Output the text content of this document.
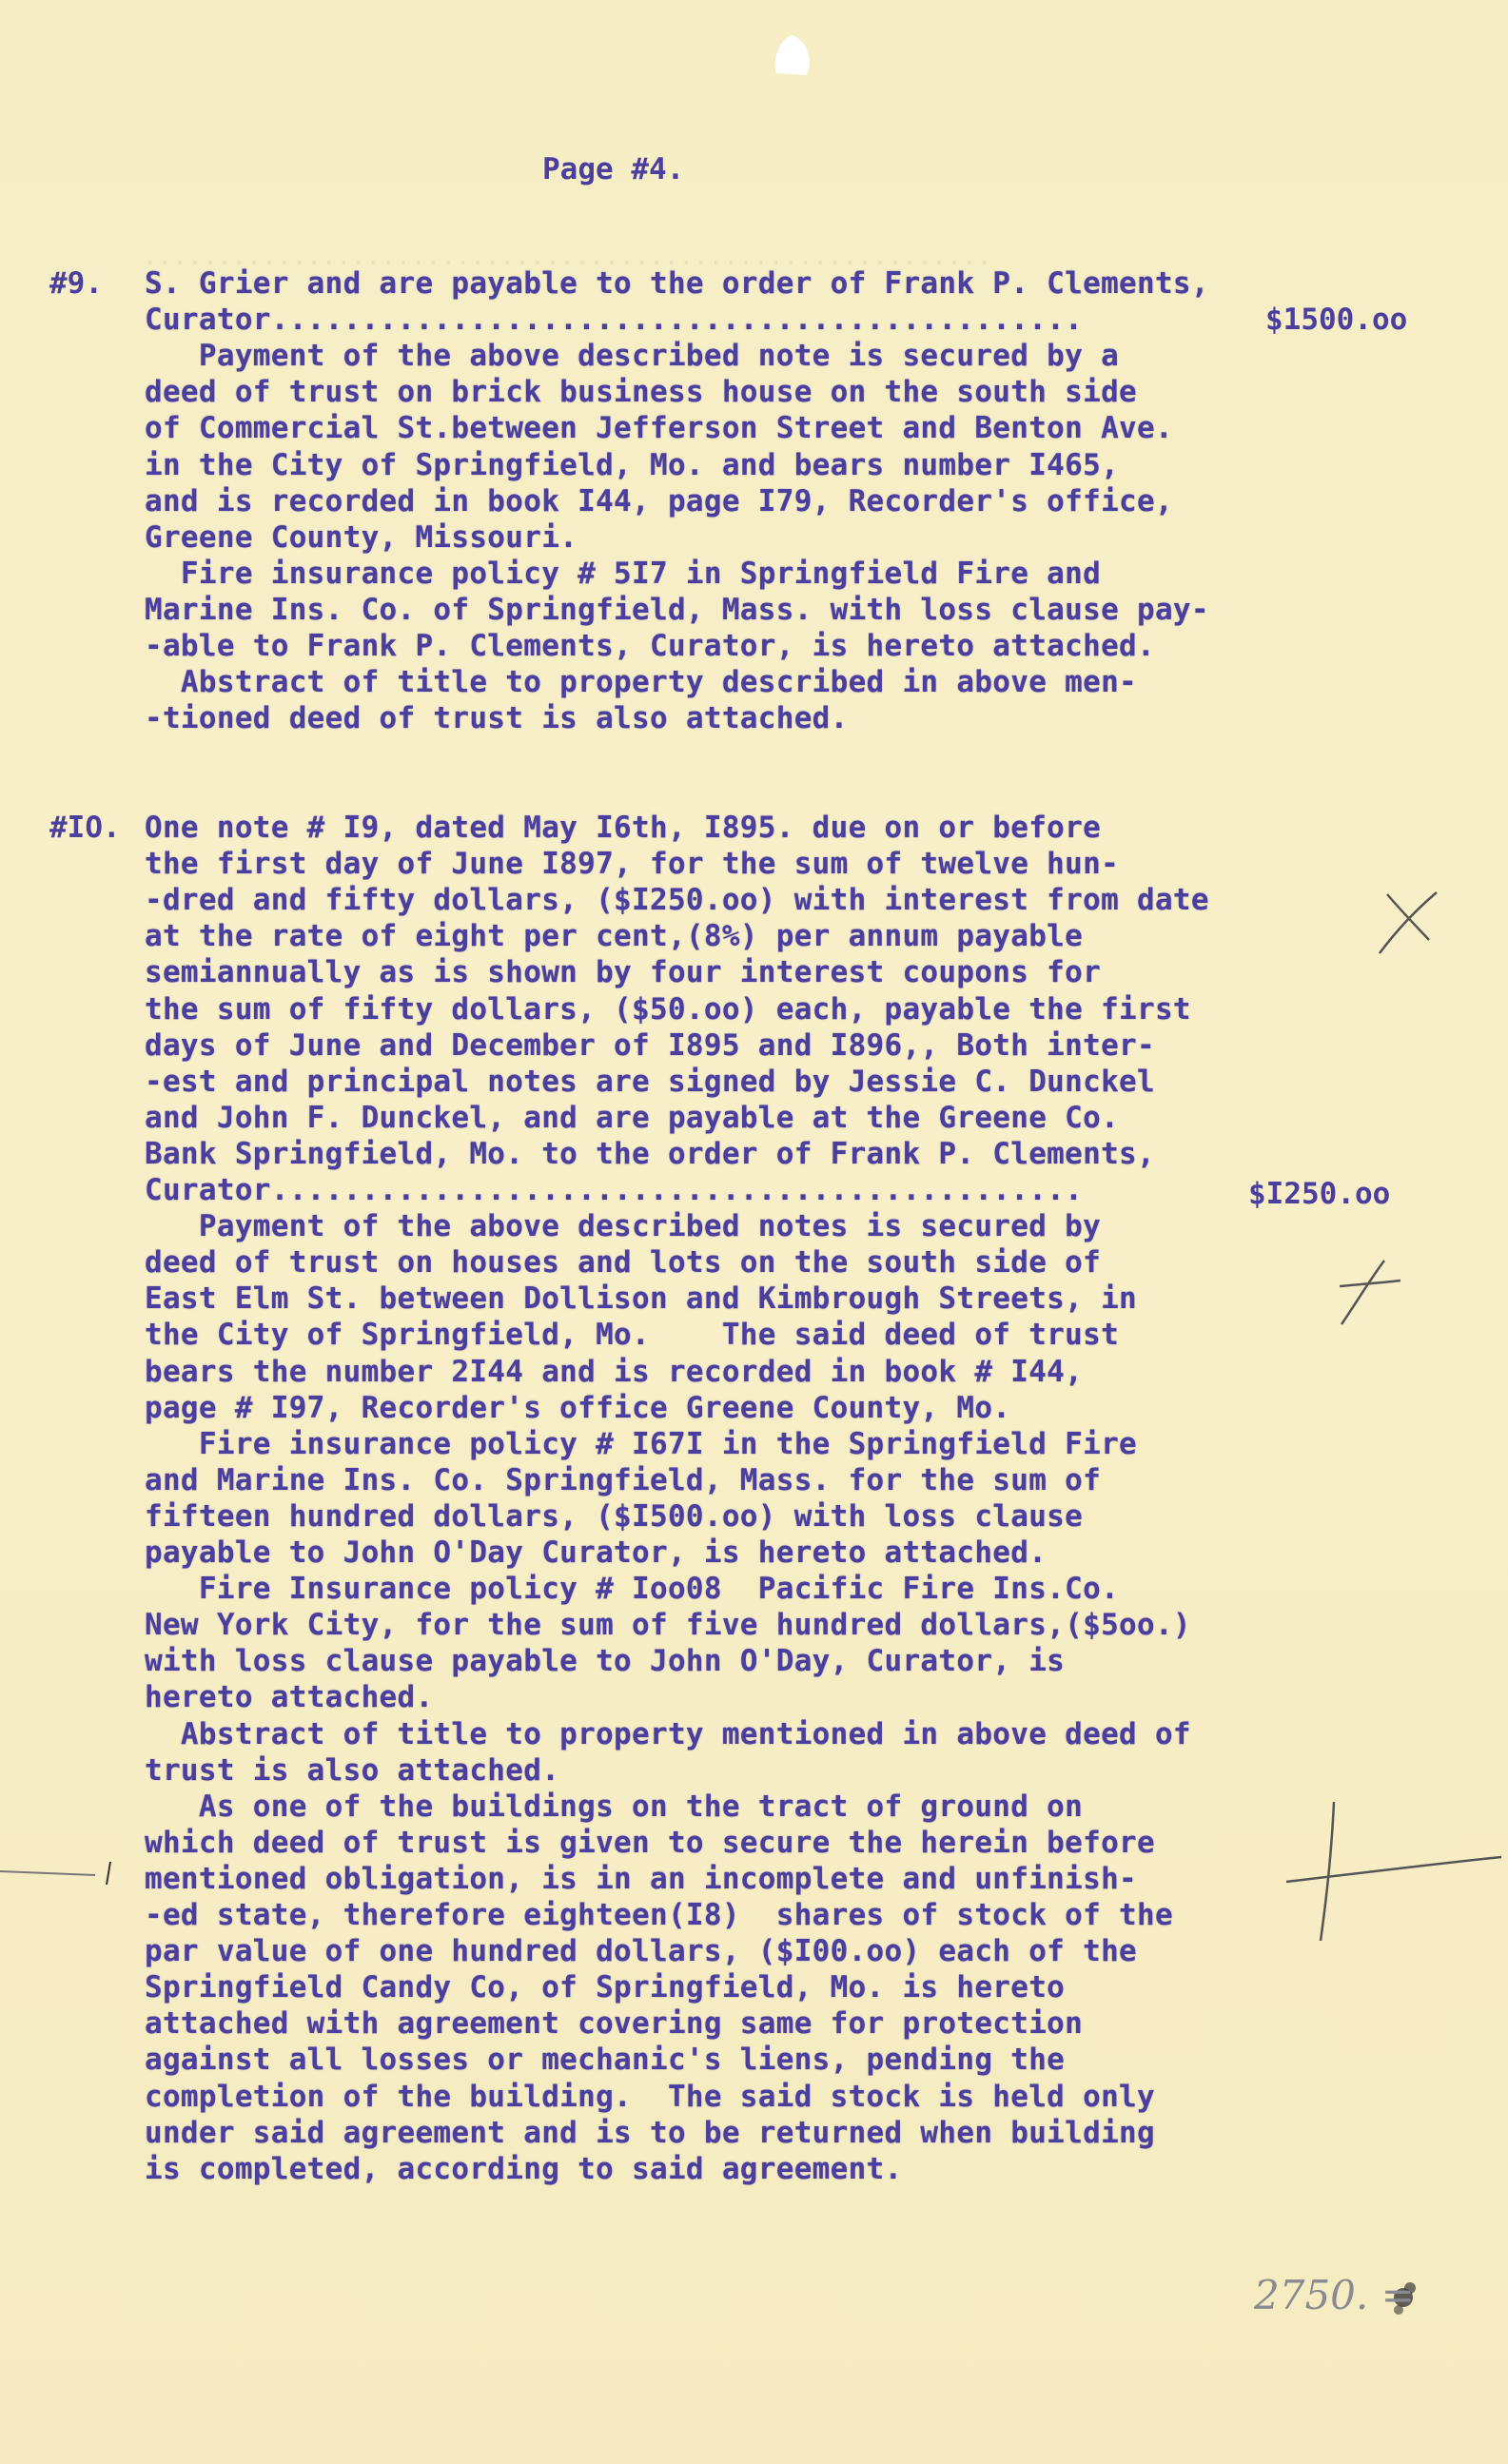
.........................................................
Page #4.
#9. S. Grier and are payable to the order of Frank P. Clements,
Curator.............................................
Payment of the above described note is secured by a
deed of trust on brick business house on the south side
of Commercial St.between Jefferson Street and Benton Ave.
in the City of Springfield, Mo. and bears number I465,
and is recorded in book I44, page I79, Recorder's office,
Greene County, Missouri.
Fire insurance policy # 5I7 in Springfield Fire and
Marine Ins. Co. of Springfield, Mass. with loss clause pay-
-able to Frank P. Clements, Curator, is hereto attached.
Abstract of title to property described in above men-
-tioned deed of trust is also attached.
$1500.oo
#IO. One note # I9, dated May I6th, I895. due on or before
the first day of June I897, for the sum of twelve hun-
-dred and fifty dollars, ($I250.oo) with interest from date
at the rate of eight per cent,(8%) per annum payable
semiannually as is shown by four interest coupons for
the sum of fifty dollars, ($50.oo) each, payable the first
days of June and December of I895 and I896,, Both inter-
-est and principal notes are signed by Jessie C. Dunckel
and John F. Dunckel, and are payable at the Greene Co.
Bank Springfield, Mo. to the order of Frank P. Clements,
Curator.............................................
Payment of the above described notes is secured by
deed of trust on houses and lots on the south side of
East Elm St. between Dollison and Kimbrough Streets, in
the City of Springfield, Mo.    The said deed of trust
bears the number 2I44 and is recorded in book # I44,
page # I97, Recorder's office Greene County, Mo.
Fire insurance policy # I67I in the Springfield Fire
and Marine Ins. Co. Springfield, Mass. for the sum of
fifteen hundred dollars, ($I500.oo) with loss clause
payable to John O'Day Curator, is hereto attached.
Fire Insurance policy # Ioo08  Pacific Fire Ins.Co.
New York City, for the sum of five hundred dollars,($5oo.)
with loss clause payable to John O'Day, Curator, is
hereto attached.
Abstract of title to property mentioned in above deed of
trust is also attached.
As one of the buildings on the tract of ground on
which deed of trust is given to secure the herein before
mentioned obligation, is in an incomplete and unfinish-
-ed state, therefore eighteen(I8)  shares of stock of the
par value of one hundred dollars, ($I00.oo) each of the
Springfield Candy Co, of Springfield, Mo. is hereto
attached with agreement covering same for protection
against all losses or mechanic's liens, pending the
completion of the building.  The said stock is held only
under said agreement and is to be returned when building
is completed, according to said agreement.
$I250.oo
2750. =
